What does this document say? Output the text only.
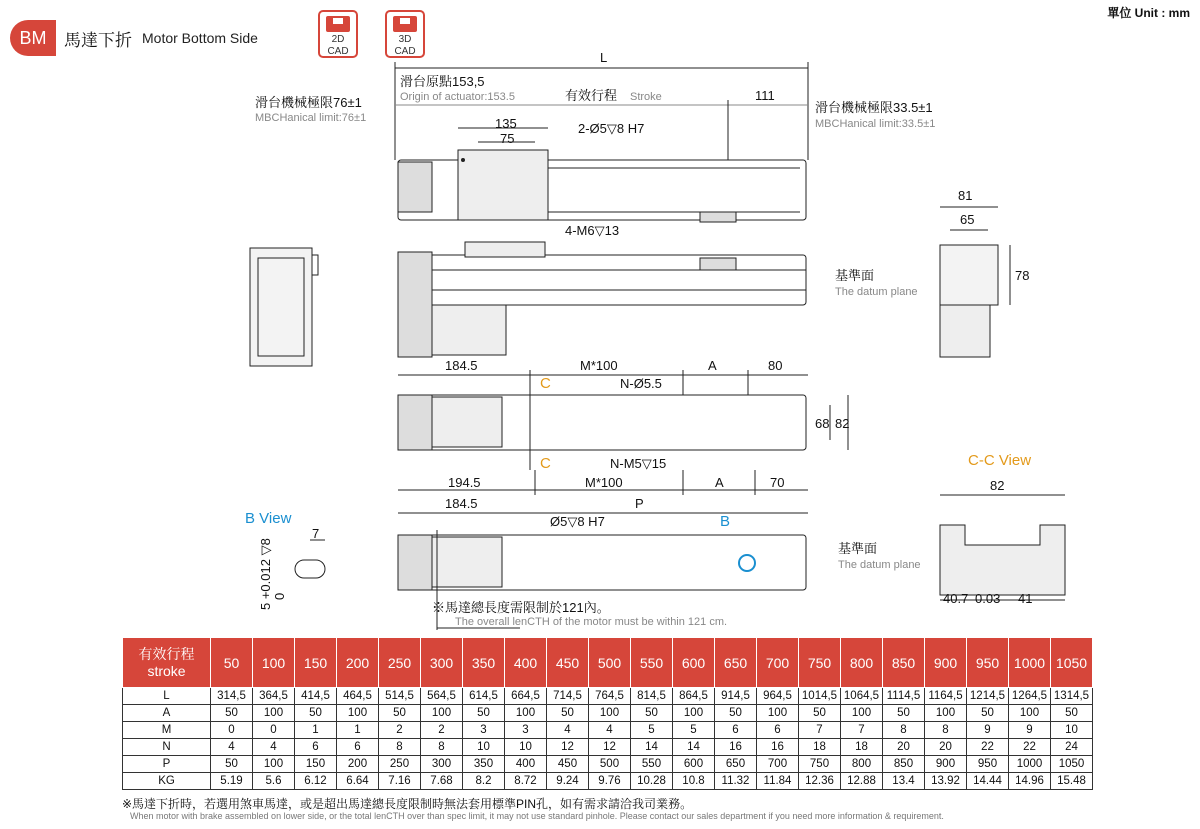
BM	馬達下折 Motor Bottom Side	2D
CAD
3D
CAD
單位 Unit : mm
L
滑台原點153,5
Origin of actuator:153.5	有效行程 Stroke	111
滑台機械極限76±1
MBCHanical limit:76±1
滑台機械極限33.5±1
MBCHanical limit:33.5±1
135
75
2-Ø5▽8 H7
4-M6▽13
81
65
78
基準面
The datum plane
184.5	M*100	A	80
N-Ø5.5
N-M5▽15
68 82
C
C
194.5	M*100	A	70
C-C View
82
184.5	P
Ø5▽8 H7	B
B View
7
5 +0.012 ▽8 0
基準面
The datum plane
40.7 0.03 41
※馬達總長度需限制於121內。
The overall lenCTH of the motor must be within 121 cm.
有效行程
stroke	50	100	150	200	250	300	350	400	450	500	550	600	650	700	750	800	850	900	950	1000	1050
L	314,5	364,5	414,5	464,5	514,5	564,5	614,5	664,5	714,5	764,5	814,5	864,5	914,5	964,5	1014,5	1064,5	1114,5	1164,5	1214,5	1264,5	1314,5
A	50	100	50	100	50	100	50	100	50	100	50	100	50	100	50	100	50	100	50	100	50
M	0	0	1	1	2	2	3	3	4	4	5	5	6	6	7	7	8	8	9	9	10
N	4	4	6	6	8	8	10	10	12	12	14	14	16	16	18	18	20	20	22	22	24
P	50	100	150	200	250	300	350	400	450	500	550	600	650	700	750	800	850	900	950	1000	1050
KG	5.19	5.6	6.12	6.64	7.16	7.68	8.2	8.72	9.24	9.76	10.28	10.8	11.32	11.84	12.36	12.88	13.4	13.92	14.44	14.96	15.48
※馬達下折時，若選用煞車馬達，或是超出馬達總長度限制時無法套用標準PIN孔，如有需求請洽我司業務。
When motor with brake assembled on lower side, or the total lenCTH over than spec limit, it may not use standard pinhole. Please contact our sales department if you need more information & requirement.
